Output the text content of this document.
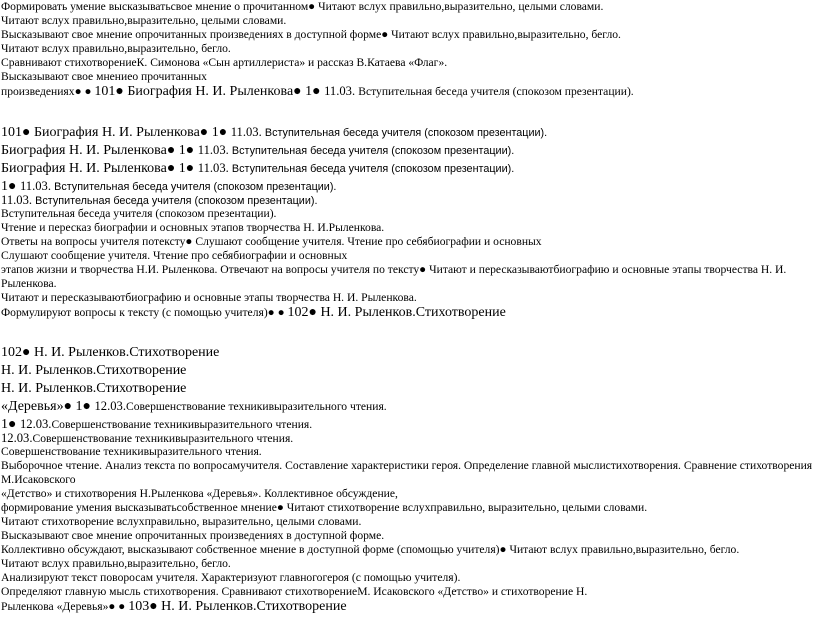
Формировать умение высказыватьсвое мнение о прочитанном● Читают вслух правильно,выразительно, целыми словами.
Читают вслух правильно,выразительно, целыми словами.
Высказывают свое мнение опрочитанных произведениях в доступной форме● Читают вслух правильно,выразительно, бегло.
Читают вслух правильно,выразительно, бегло.
Сравнивают стихотворениеК. Симонова «Сын артиллериста» и рассказ В.Катаева «Флаг».
Высказывают свое мнениео прочитанных
произведениях● ● 101● Биография Н. И. Рыленкова● 1● 11.03. Вступительная беседа учителя (спокозом презентации).
101● Биография Н. И. Рыленкова● 1● 11.03. Вступительная беседа учителя (спокозом презентации).
Биография Н. И. Рыленкова● 1● 11.03. Вступительная беседа учителя (спокозом презентации).
Биография Н. И. Рыленкова● 1● 11.03. Вступительная беседа учителя (спокозом презентации).
1● 11.03. Вступительная беседа учителя (спокозом презентации).
11.03. Вступительная беседа учителя (спокозом презентации).
Вступительная беседа учителя (спокозом презентации).
Чтение и пересказ биографии и основных этапов творчества Н. И.Рыленкова.
Ответы на вопросы учителя потексту● Слушают сообщение учителя. Чтение про себябиографии и основных
Слушают сообщение учителя. Чтение про себябиографии и основных
этапов жизни и творчества Н.И. Рыленкова. Отвечают на вопросы учителя по тексту● Читают и пересказываютбиографию и основные этапы творчества Н. И.
Рыленкова.
Читают и пересказываютбиографию и основные этапы творчества Н. И. Рыленкова.
Формулируют вопросы к тексту (с помощью учителя)● ● 102● Н. И. Рыленков.Стихотворение
102● Н. И. Рыленков.Стихотворение
Н. И. Рыленков.Стихотворение
Н. И. Рыленков.Стихотворение
«Деревья»● 1● 12.03.Совершенствование техникивыразительного чтения.
1● 12.03.Совершенствование техникивыразительного чтения.
12.03.Совершенствование техникивыразительного чтения.
Совершенствование техникивыразительного чтения.
Выборочное чтение. Анализ текста по вопросамучителя. Составление характеристики героя. Определение главной мыслистихотворения. Сравнение стихотворения
М.Исаковского
«Детство» и стихотворения Н.Рыленкова «Деревья». Коллективное обсуждение,
формирование умения высказыватьсобственное мнение● Читают стихотворение вслухправильно, выразительно, целыми словами.
Читают стихотворение вслухправильно, выразительно, целыми словами.
Высказывают свое мнение опрочитанных произведениях в доступной форме.
Коллективно обсуждают, высказывают собственное мнение в доступной форме (спомощью учителя)● Читают вслух правильно,выразительно, бегло.
Читают вслух правильно,выразительно, бегло.
Анализируют текст поворосам учителя. Характеризуют главногогероя (с помощью учителя).
Определяют главную мысль стихотворения. Сравнивают стихотворениеМ. Исаковского «Детство» и стихотворение Н.
Рыленкова «Деревья»● ● 103● Н. И. Рыленков.Стихотворение
